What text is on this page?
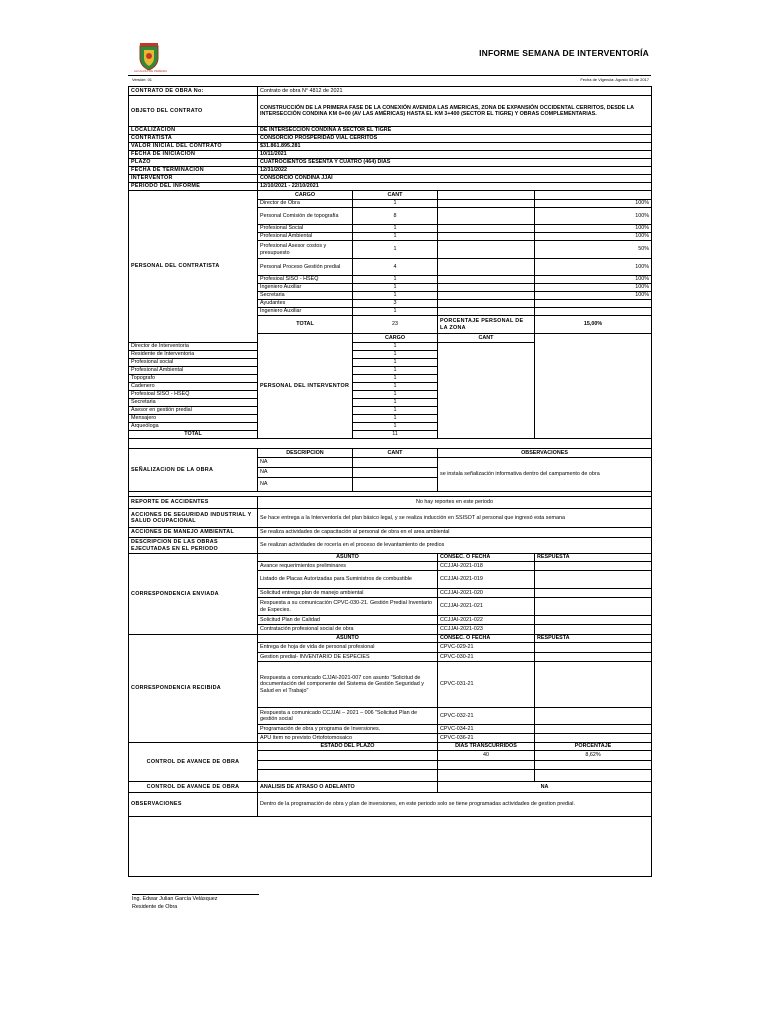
ALCALDÍA DE PEREIRA
INFORME SEMANA DE INTERVENTORÍA
Versión: 01	Fecha de Vigencia: Agosto 02 de 2017
CONTRATO DE OBRA No:	Contrato de obra N° 4812 de 2021			
OBJETO DEL CONTRATO	CONSTRUCCIÓN DE LA PRIMERA FASE DE LA CONEXIÓN AVENIDA LAS AMERICAS, ZONA DE EXPANSIÓN OCCIDENTAL CERRITOS, DESDE LA INTERSECCIÓN CONDINA KM 0+00 (AV LAS AMÉRICAS) HASTA EL KM 3+400 (SECTOR EL TIGRE) Y OBRAS COMPLEMENTARIAS.			
LOCALIZACION	DE INTERSECCIÓN CONDINA A SECTOR EL TIGRE			
CONTRATISTA	CONSORCIO PROSPERIDAD VIAL CERRITOS			
VALOR INICIAL DEL CONTRATO	$31.861.895.281			
FECHA DE INICIACION	10/11/2021			
PLAZO	CUATROCIENTOS SESENTA Y CUATRO (464) DIAS			
FECHA DE TERMINACION	12/31/2022			
INTERVENTOR	CONSORCIO CONDINA JJAI			
PERIODO DEL INFORME	12/10/2021 - 22/10/2021			
PERSONAL DEL CONTRATISTA	CARGO	CANT		
	Director de Obra	1		100%
	Personal Comisión de topografía	8		100%
	Profesional Social	1		100%
	Profesional Ambiental	1		100%
	Profesional Asesor costos y presupuesto	1		50%
	Personal Proceso Gestión predial	4		100%
	Profesioal SISO - HSEQ	1		100%
	Ingeniero Auxiliar	1		100%
	Secretaria	1		100%
	Ayudantes	3		
	Ingeniero Auxiliar	1		
	TOTAL	23	PORCENTAJE PERSONAL DE LA ZONA	15,00%
	PERSONAL DEL INTERVENTOR	CARGO	CANT	
Director de Interventoria		1		
Residente de Interventoria		1		
Profesional social		1		
Profesional Ambiental		1		
Topografo		1		
Cadenero		1		
Profesioal SISO - HSEQ		1		
Secretaria		1		
Asesor en gestión predial		1		
Mensajero		1		
Arqueóloga		1		
TOTAL		11		

SEÑALIZACION DE LA OBRA	DESCRIPCION	CANT	OBSERVACIONES	
	NA		se instala señalización informativa dentro del campamento de obra	
	NA			
	NA			

REPORTE DE ACCIDENTES	No hay reportes en este periodo			
ACCIONES DE SEGURIDAD INDUSTRIAL Y SALUD OCUPACIONAL	Se hace entrega a la Interventoría del plan básico legal, y se realiza inducción en SSISOT al personal que ingresó esta semana			
ACCIONES DE MANEJO AMBIENTAL	Se realiza actividades de capacitación al personal de obra en el area ambiental			
DESCRIPCION DE LAS OBRAS EJECUTADAS EN EL PERIODO	Se realizan actividades de rocería en el proceso de levantamiento de predios			
CORRESPONDENCIA ENVIADA	ASUNTO		CONSEC. O FECHA	RESPUESTA
	Avance requerimientos preliminares		CCJJAI-2021-018	
	Listado de Placas Autorizadas para Suministros de combustible		CCJJAI-2021-019	
	Solicitud entrega plan de manejo ambiental		CCJJAI-2021-020	
	Respuesta a su comunicación CPVC-030-21. Gestión Predial Inventario de Especies.		CCJJAI-2021-021	
	Solicitud Plan de Calidad		CCJJAI-2021-022	
	Contratación profesional social de obra		CCJJAI-2021-023	
CORRESPONDENCIA RECIBIDA	ASUNTO		CONSEC. O FECHA	RESPUESTA
	Entrega de hoja de vida de personal profesional		CPVC-029-21	
	Gestion predial- INVENTARIO DE ESPECIES		CPVC-030-21	
	Respuesta a comunicado CJJAI-2021-007 con asunto "Solicitud de documentación del componente del Sistema de Gestión Seguridad y Salud en el Trabajo"		CPVC-031-21	
	Respuesta a comunicado CCJJAI – 2021 – 006 "Solicitud Plan de gestión social		CPVC-032-21	
	Programación de obra y programa de Inversiones.		CPVC-034-21	
	APU ítem no previsto Ortofotomosaico		CPVC-036-21	
CONTROL DE AVANCE DE OBRA	ESTADO DEL PLAZO		DIAS TRANSCURRIDOS	PORCENTAJE
			40	8,62%

CONTROL DE AVANCE DE OBRA	ANALISIS DE ATRASO O ADELANTO		NA	
OBSERVACIONES	Dentro de la programación de obra y plan de inversiones, en este periodo solo se tiene programadas actividades de gestion predial.			

Ing. Edwar Julian García Velásquez
Residente de Obra
